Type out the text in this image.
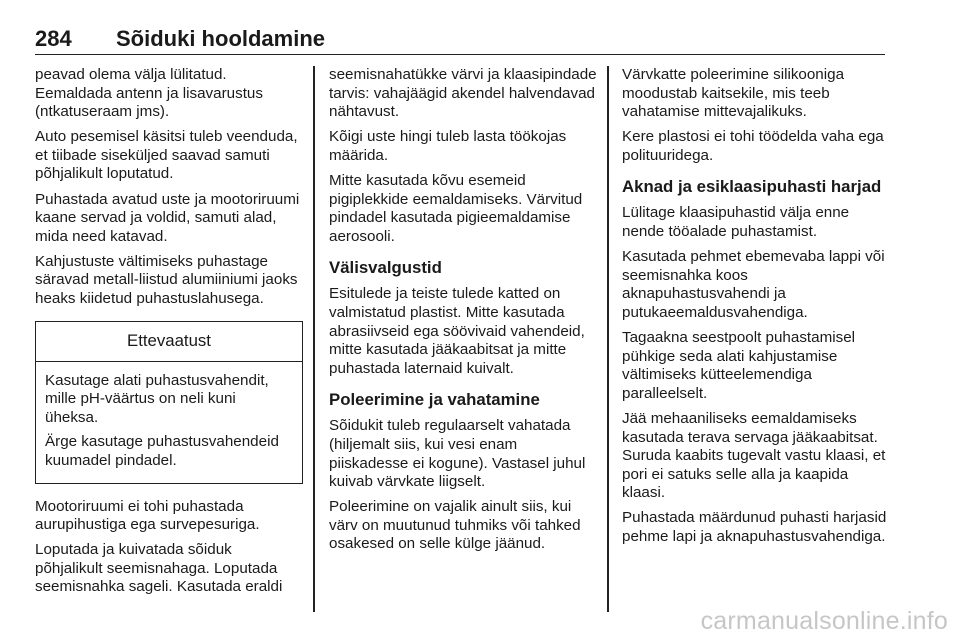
284 Sõiduki hooldamine

peavad olema välja lülitatud. Eemaldada antenn ja lisavarustus (ntkatuseraam jms).

Auto pesemisel käsitsi tuleb veenduda, et tiibade siseküljed saavad samuti põhjalikult loputatud.

Puhastada avatud uste ja mootoriruumi kaane servad ja voldid, samuti alad, mida need katavad.

Kahjustuste vältimiseks puhastage säravad metall-liistud alumiiniumi jaoks heaks kiidetud puhastuslahusega.

Ettevaatust

Kasutage alati puhastusvahendit, mille pH-väärtus on neli kuni üheksa.

Ärge kasutage puhastusvahendeid kuumadel pindadel.

Mootoriruumi ei tohi puhastada aurupihustiga ega survepesuriga.

Loputada ja kuivatada sõiduk põhjalikult seemisnahaga. Loputada seemisnahka sageli. Kasutada eraldi

seemisnahatükke värvi ja klaasipindade tarvis: vahajäägid akendel halvendavad nähtavust.

Kõigi uste hingi tuleb lasta töökojas määrida.

Mitte kasutada kõvu esemeid pigiplekkide eemaldamiseks. Värvitud pindadel kasutada pigieemaldamise aerosooli.

Välisvalgustid

Esitulede ja teiste tulede katted on valmistatud plastist. Mitte kasutada abrasiivseid ega söövivaid vahendeid, mitte kasutada jääkaabitsat ja mitte puhastada laternaid kuivalt.

Poleerimine ja vahatamine

Sõidukit tuleb regulaarselt vahatada (hiljemalt siis, kui vesi enam piiskadesse ei kogune). Vastasel juhul kuivab värvkate liigselt.

Poleerimine on vajalik ainult siis, kui värv on muutunud tuhmiks või tahked osakesed on selle külge jäänud.

Värvkatte poleerimine silikooniga moodustab kaitsekile, mis teeb vahatamise mittevajalikuks.

Kere plastosi ei tohi töödelda vaha ega polituuridega.

Aknad ja esiklaasipuhasti harjad

Lülitage klaasipuhastid välja enne nende tööalade puhastamist.

Kasutada pehmet ebemevaba lappi või seemisnahka koos aknapuhastusvahendi ja putukaeemaldusvahendiga.

Tagaakna seestpoolt puhastamisel pühkige seda alati kahjustamise vältimiseks kütteelemendiga paralleelselt.

Jää mehaaniliseks eemaldamiseks kasutada terava servaga jääkaabitsat. Suruda kaabits tugevalt vastu klaasi, et pori ei satuks selle alla ja kaapida klaasi.

Puhastada määrdunud puhasti harjasid pehme lapi ja aknapuhastusvahendiga.

carmanualsonline.info
